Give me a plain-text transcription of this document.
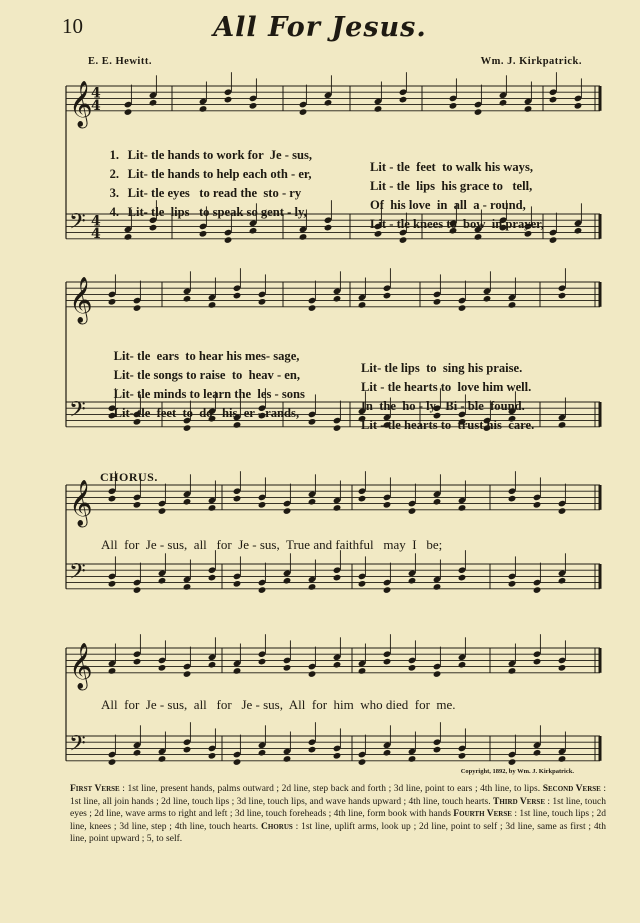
10	All For Jesus.
E. E. Hewitt.	Wm. J. Kirkpatrick.
𝄞
𝄢
4
4
4
4
𝄞
𝄢
𝄞
𝄢
𝄞
𝄢

1. Lit- tle hands to work for  Je - sus,

Lit - tle  feet  to walk his ways,

2. Lit- tle hands to help each oth - er,

Lit - tle  lips  his grace to   tell,

3. Lit- tle eyes   to read the  sto - ry

Of  his love  in  all  a - round,

4. Lit- tle  lips   to speak so gent - ly,

Lit - tle knees to  bow  in prayer,

Lit- tle  ears  to hear his mes- sage,

Lit- tle lips  to  sing his praise.

Lit- tle songs to raise  to  heav - en,

Lit - tle hearts to  love him well.

Lit- tle minds to learn the  les - sons

In  the  ho - ly   Bi - ble  found.

Lit- tle  feet  to  do   his  er - rands,

Lit - tle hearts to  trust his  care.

CHORUS.
All  for  Je - sus,  all   for  Je - sus,  True and faithful   may  I   be;
All  for  Je - sus,  all   for   Je - sus,  All  for  him  who died  for  me.
Copyright, 1892, by Wm. J. Kirkpatrick.
First Verse : 1st line, present hands, palms outward ; 2d line, step back and forth ; 3d line, point to ears ; 4th line, to lips. Second Verse : 1st line, all join hands ; 2d line, touch lips ; 3d line, touch lips, and wave hands upward ; 4th line, touch hearts. Third Verse : 1st line, touch eyes ; 2d line, wave arms to right and left ; 3d line, touch foreheads ; 4th line, form book with hands Fourth Verse : 1st line, touch lips ; 2d line, knees ; 3d line, step ; 4th line, touch hearts. Chorus : 1st line, uplift arms, look up ; 2d line, point to self ; 3d line, same as first ; 4th line, point upward ; 5, to self.
